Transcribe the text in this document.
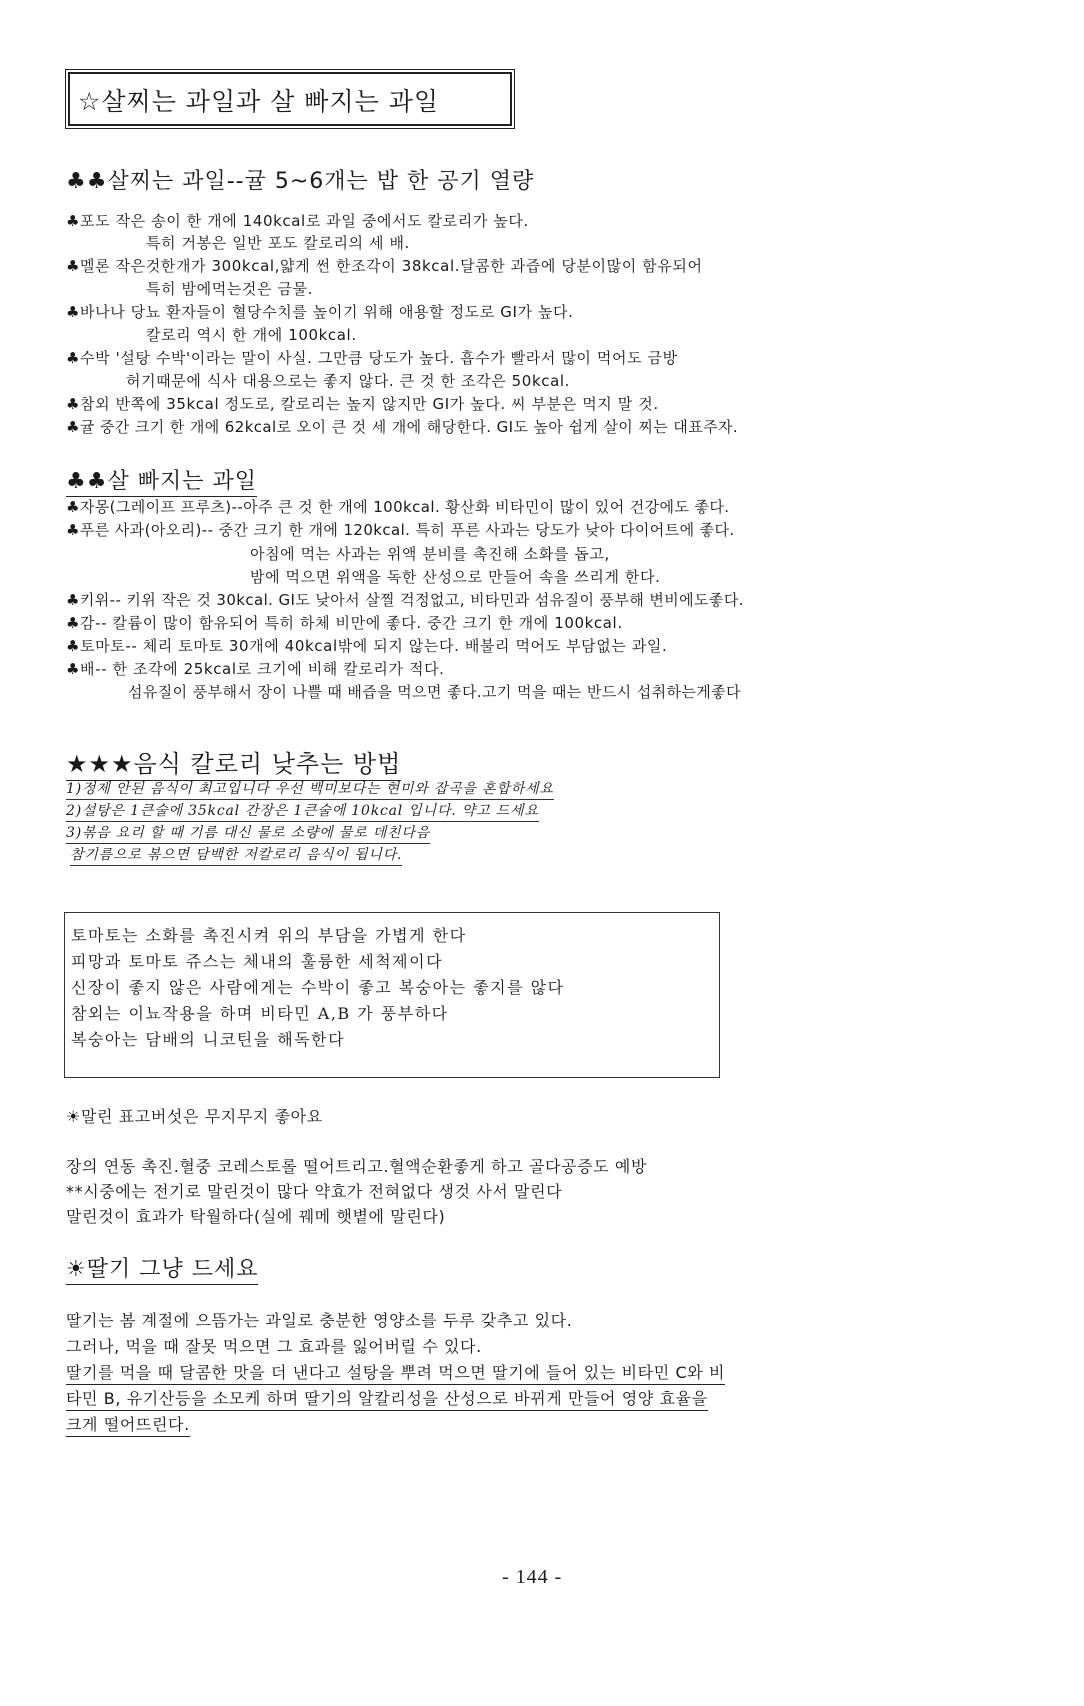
☆살찌는 과일과 살 빠지는 과일
♣♣살찌는 과일--귤 5~6개는 밥 한 공기 열량
♣포도 작은 송이 한 개에 140kcal로 과일 중에서도 칼로리가 높다.
특히 거봉은 일반 포도 칼로리의 세 배.
♣멜론 작은것한개가 300kcal,얇게 썬 한조각이 38kcal.달콤한 과즙에 당분이많이 함유되어
특히 밤에먹는것은 금물.
♣바나나 당뇨 환자들이 혈당수치를 높이기 위해 애용할 정도로 GI가 높다.
칼로리 역시 한 개에 100kcal.
♣수박 '설탕 수박'이라는 말이 사실. 그만큼 당도가 높다. 흡수가 빨라서 많이 먹어도 금방
허기때문에 식사 대용으로는 좋지 않다. 큰 것 한 조각은 50kcal.
♣참외 반쪽에 35kcal 정도로, 칼로리는 높지 않지만 GI가 높다. 씨 부분은 먹지 말 것.
♣귤 중간 크기 한 개에 62kcal로 오이 큰 것 세 개에 해당한다. GI도 높아 쉽게 살이 찌는 대표주자.
♣♣살 빠지는 과일
♣자몽(그레이프 프루츠)--아주 큰 것 한 개에 100kcal. 황산화 비타민이 많이 있어 건강에도 좋다.
♣푸른 사과(아오리)-- 중간 크기 한 개에 120kcal. 특히 푸른 사과는 당도가 낮아 다이어트에 좋다.
아침에 먹는 사과는 위액 분비를 촉진해 소화를 돕고,
밤에 먹으면 위액을 독한 산성으로 만들어 속을 쓰리게 한다.
♣키위-- 키위 작은 것 30kcal. GI도 낮아서 살찔 걱정없고, 비타민과 섬유질이 풍부해 변비에도좋다.
♣감-- 칼륨이 많이 함유되어 특히 하체 비만에 좋다. 중간 크기 한 개에 100kcal.
♣토마토-- 체리 토마토 30개에 40kcal밖에 되지 않는다. 배불리 먹어도 부담없는 과일.
♣배-- 한 조각에 25kcal로 크기에 비해 칼로리가 적다.
섬유질이 풍부해서 장이 나쁠 때 배즙을 먹으면 좋다.고기 먹을 때는 반드시 섭취하는게좋다
★★★음식 칼로리 낮추는 방법
1)정제 안된 음식이 최고입니다 우선 백미보다는 현미와 잡곡을 혼합하세요
2)설탕은 1큰술에 35kcal 간장은 1큰술에 10kcal 입니다. 약고 드세요
3)볶음 요리 할 때 기름 대신 물로 소량에 물로 데친다음
참기름으로 볶으면 담백한 저칼로리 음식이 됩니다.
토마토는 소화를 촉진시켜 위의 부담을 가볍게 한다
피망과 토마토 쥬스는 체내의 훌륭한 세척제이다
신장이 좋지 않은 사람에게는 수박이 좋고 복숭아는 좋지를 않다
참외는 이뇨작용을 하며 비타민 A,B 가 풍부하다
복숭아는 담배의 니코틴을 해독한다
☀말린 표고버섯은 무지무지 좋아요
장의 연동 촉진.혈중 코레스토롤 떨어트리고.혈액순환좋게 하고 골다공증도 예방
**시중에는 전기로 말린것이 많다 약효가 전혀없다 생것 사서 말린다
말린것이 효과가 탁월하다(실에 꿰메 햇볕에 말린다)
☀딸기 그냥 드세요
딸기는 봄 계절에 으뜸가는 과일로 충분한 영양소를 두루 갖추고 있다.
그러나, 먹을 때 잘못 먹으면 그 효과를 잃어버릴 수 있다.
딸기를 먹을 때 달콤한 맛을 더 낸다고 설탕을 뿌려 먹으면 딸기에 들어 있는 비타민 C와 비
타민 B, 유기산등을 소모케 하며 딸기의 알칼리성을 산성으로 바뀌게 만들어 영양 효율을
크게 떨어뜨린다.
- 144 -
